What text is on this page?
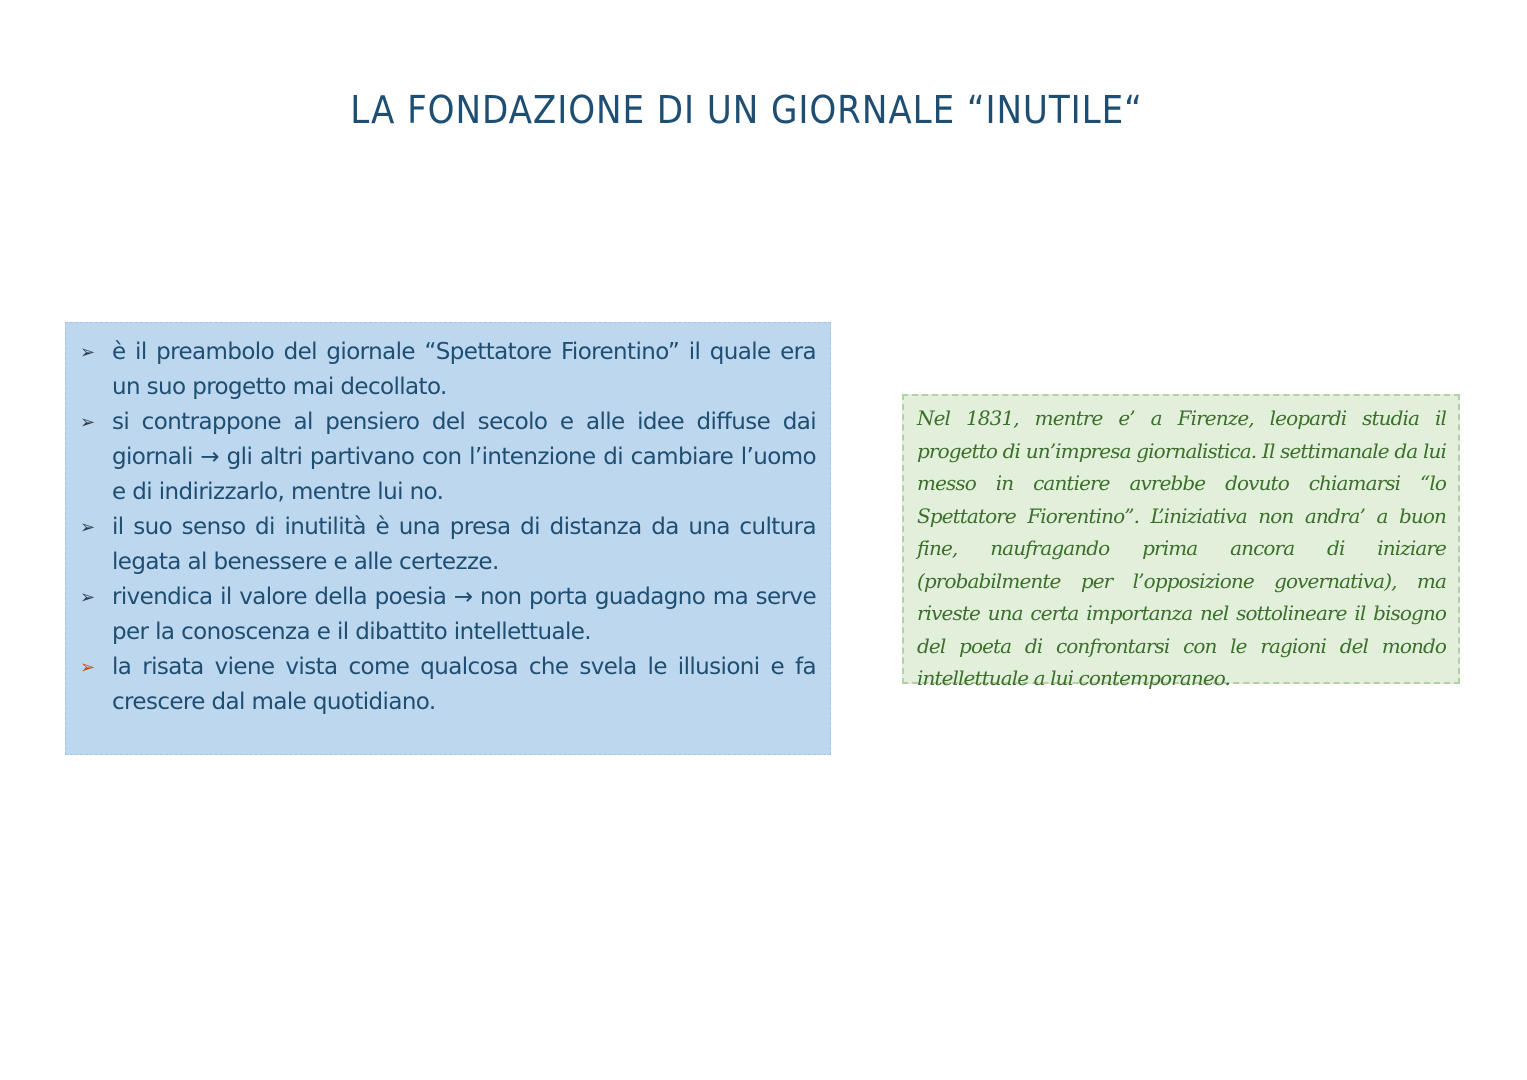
LA FONDAZIONE DI UN GIORNALE “INUTILE“
➢ è il preambolo del giornale “Spettatore Fiorentino” il quale era un suo progetto mai decollato.
➢ si contrappone al pensiero del secolo e alle idee diffuse dai giornali → gli altri partivano con l’intenzione di cambiare l’uomo e di indirizzarlo, mentre lui no.
➢ il suo senso di inutilità è una presa di distanza da una cultura legata al benessere e alle certezze.
➢ rivendica il valore della poesia → non porta guadagno ma serve per la conoscenza e il dibattito intellettuale.
➢ la risata viene vista come qualcosa che svela le illusioni e fa crescere dal male quotidiano.

Nel 1831, mentre e’ a Firenze, leopardi studia il progetto di un’impresa giornalistica. Il settimanale da lui messo in cantiere avrebbe dovuto chiamarsi “lo Spettatore Fiorentino”. L’iniziativa non andra’ a buon fine, naufragando prima ancora di iniziare (probabilmente per l’opposizione governativa), ma riveste una certa importanza nel sottolineare il bisogno del poeta di confrontarsi con le ragioni del mondo intellettuale a lui contemporaneo.
